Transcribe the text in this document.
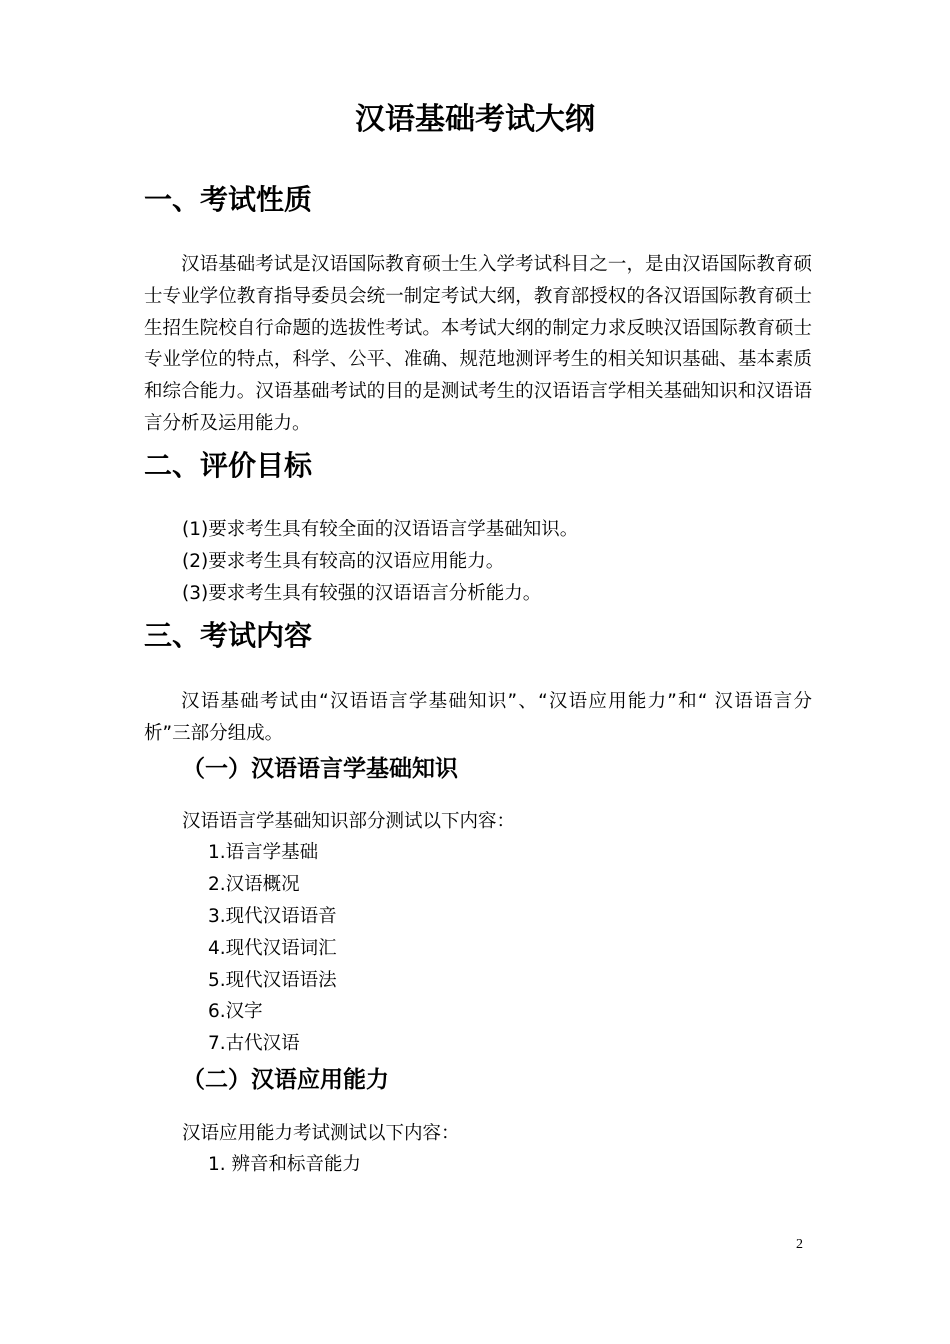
汉语基础考试大纲
一、考试性质
汉语基础考试是汉语国际教育硕士生入学考试科目之一，是由汉语国际教育硕士专业学位教育指导委员会统一制定考试大纲，教育部授权的各汉语国际教育硕士生招生院校自行命题的选拔性考试。本考试大纲的制定力求反映汉语国际教育硕士专业学位的特点，科学、公平、准确、规范地测评考生的相关知识基础、基本素质和综合能力。汉语基础考试的目的是测试考生的汉语语言学相关基础知识和汉语语言分析及运用能力。
二、评价目标
(1)要求考生具有较全面的汉语语言学基础知识。
(2)要求考生具有较高的汉语应用能力。
(3)要求考生具有较强的汉语语言分析能力。
三、考试内容
汉语基础考试由“汉语语言学基础知识”、“汉语应用能力”和“ 汉语语言分析”三部分组成。
（一）汉语语言学基础知识
汉语语言学基础知识部分测试以下内容：
1.语言学基础
2.汉语概况
3.现代汉语语音
4.现代汉语词汇
5.现代汉语语法
6.汉字
7.古代汉语
（二）汉语应用能力
汉语应用能力考试测试以下内容：
1. 辨音和标音能力
2
